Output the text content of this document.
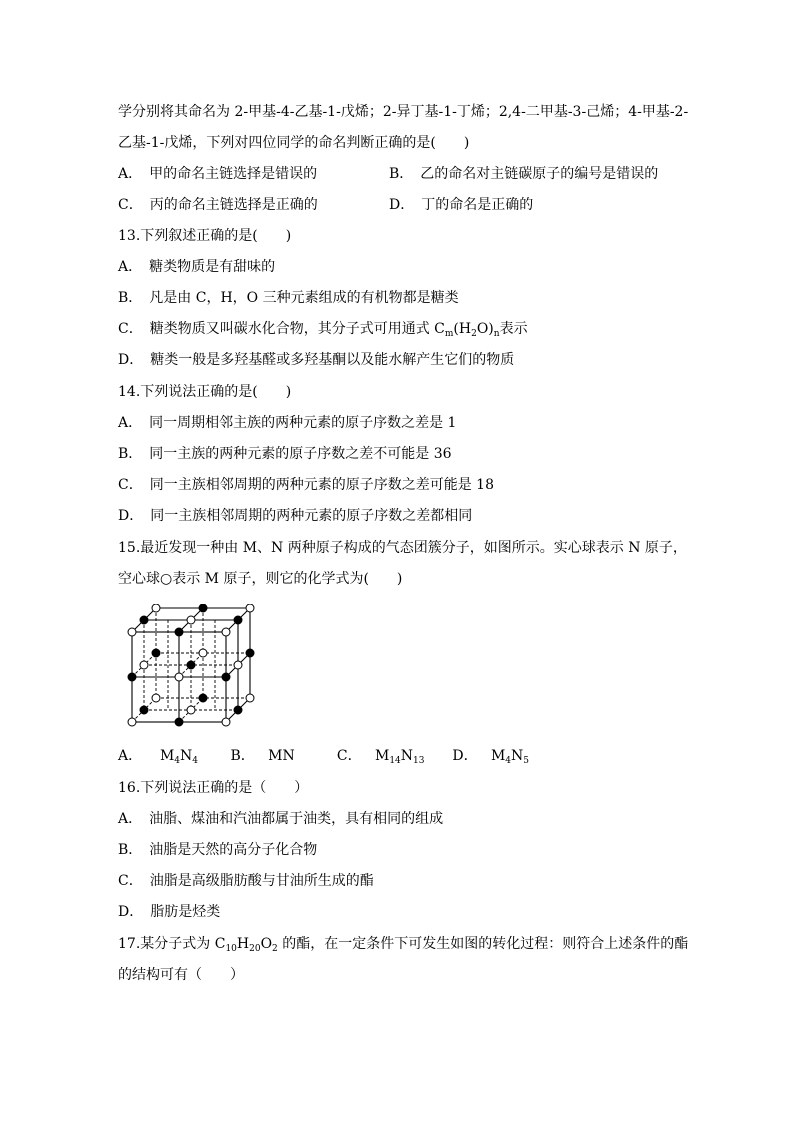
学分别将其命名为 2-甲基-4-乙基-1-戊烯；2-异丁基-1-丁烯；2,4-二甲基-3-己烯；4-甲基-2-
乙基-1-戊烯，下列对四位同学的命名判断正确的是(　　)
A．　甲的命名主链选择是错误的	B．　乙的命名对主链碳原子的编号是错误的
C．　丙的命名主链选择是正确的	D．　丁的命名是正确的
13.下列叙述正确的是(　　)
A．　糖类物质是有甜味的
B．　凡是由 C，H，O 三种元素组成的有机物都是糖类
C．　糖类物质又叫碳水化合物，其分子式可用通式 $C_m(H_2O)_n$表示
D．　糖类一般是多羟基醛或多羟基酮以及能水解产生它们的物质
14.下列说法正确的是(　　)
A．　同一周期相邻主族的两种元素的原子序数之差是 1
B．　同一主族的两种元素的原子序数之差不可能是 36
C．　同一主族相邻周期的两种元素的原子序数之差可能是 18
D．　同一主族相邻周期的两种元素的原子序数之差都相同
15.最近发现一种由 M、N 两种原子构成的气态团簇分子，如图所示。实心球表示 N 原子，
空心球○表示 M 原子，则它的化学式为(　　)
A． $M_4N_4$ B． MN	C． $M_{14}N_{13}$ D． $M_4N_5$
16.下列说法正确的是（　　）
A．　油脂、煤油和汽油都属于油类，具有相同的组成
B．　油脂是天然的高分子化合物
C．　油脂是高级脂肪酸与甘油所生成的酯
D．　脂肪是烃类
17.某分子式为 $C_{10}H_{20}O_2$ 的酯，在一定条件下可发生如图的转化过程：则符合上述条件的酯
的结构可有（　　）
